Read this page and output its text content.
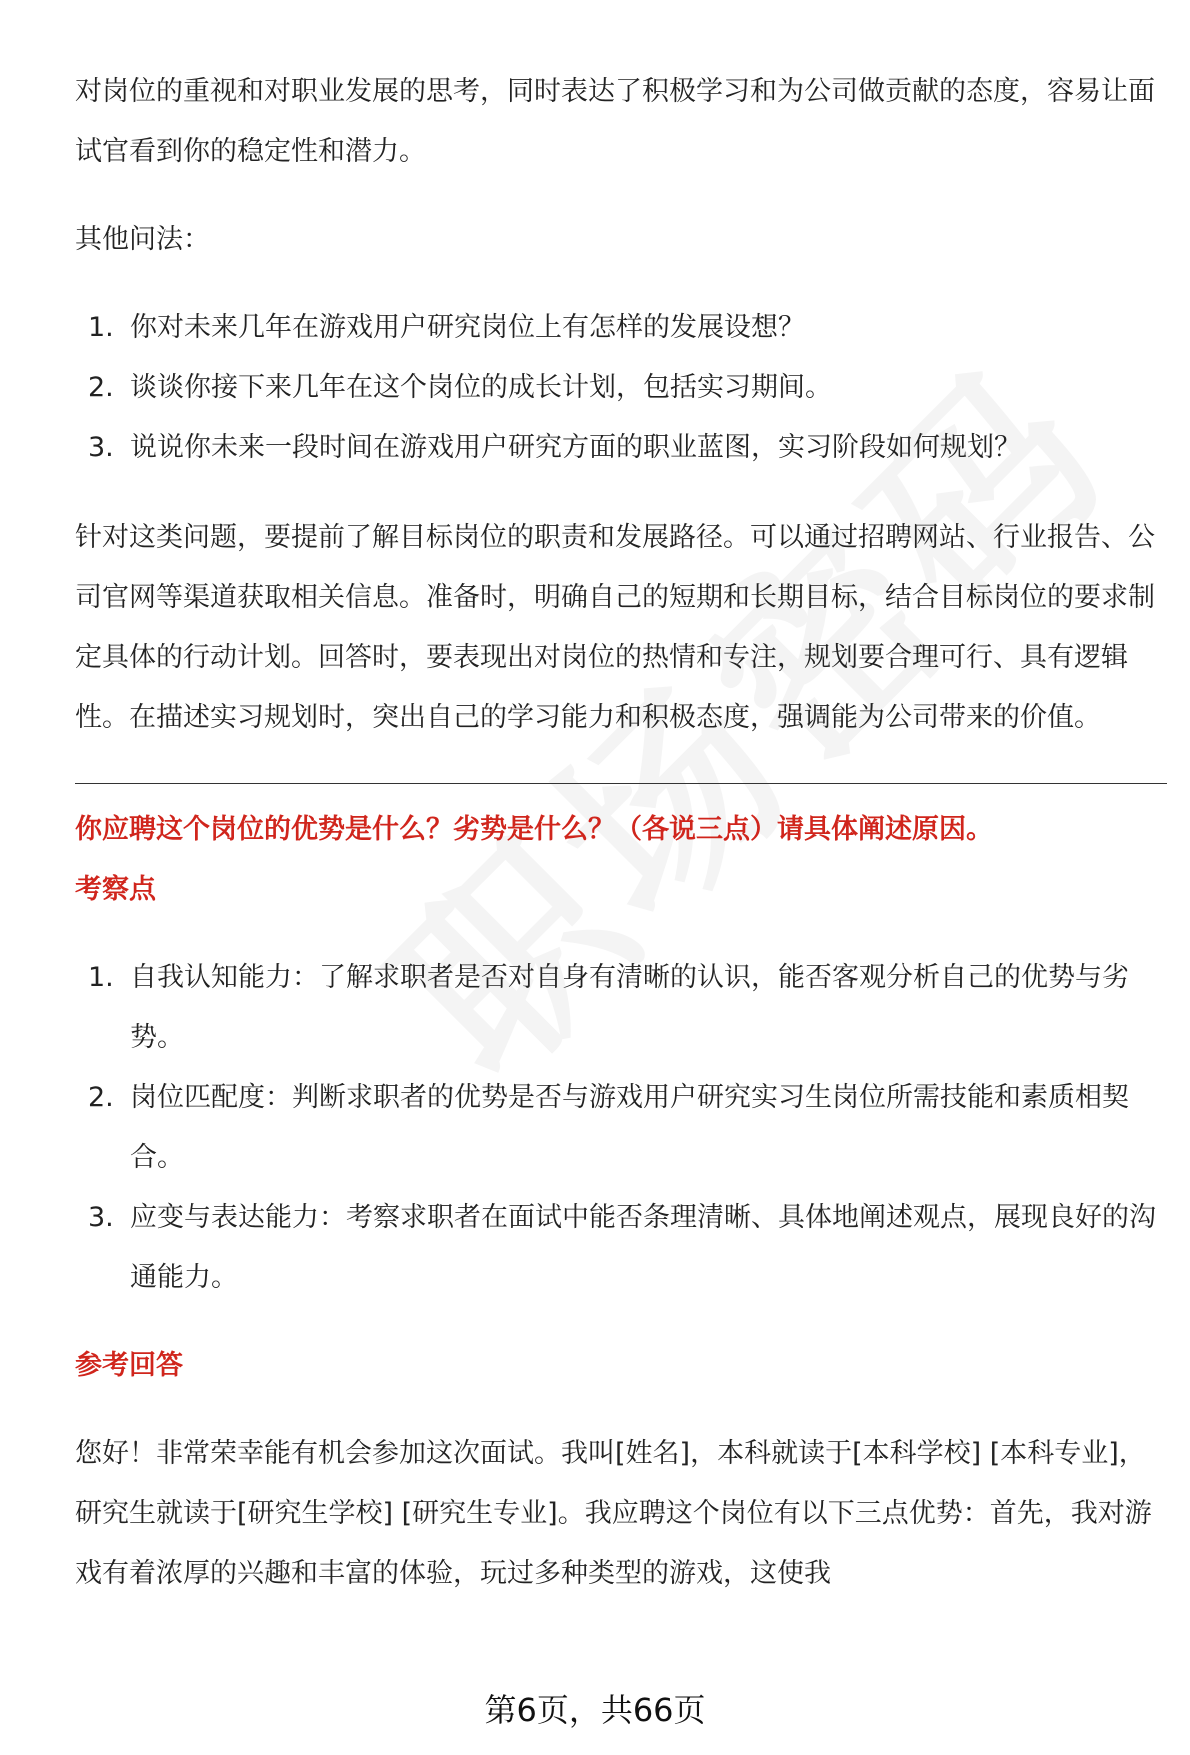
对岗位的重视和对职业发展的思考，同时表达了积极学习和为公司做贡献的态度，容易让面试官看到你的稳定性和潜力。

其他问法：

1. 你对未来几年在游戏用户研究岗位上有怎样的发展设想？
2. 谈谈你接下来几年在这个岗位的成长计划，包括实习期间。
3. 说说你未来一段时间在游戏用户研究方面的职业蓝图，实习阶段如何规划？

针对这类问题，要提前了解目标岗位的职责和发展路径。可以通过招聘网站、行业报告、公司官网等渠道获取相关信息。准备时，明确自己的短期和长期目标，结合目标岗位的要求制定具体的行动计划。回答时，要表现出对岗位的热情和专注，规划要合理可行、具有逻辑性。在描述实习规划时，突出自己的学习能力和积极态度，强调能为公司带来的价值。

你应聘这个岗位的优势是什么？劣势是什么？（各说三点）请具体阐述原因。
考察点
1. 自我认知能力：了解求职者是否对自身有清晰的认识，能否客观分析自己的优势与劣势。
2. 岗位匹配度：判断求职者的优势是否与游戏用户研究实习生岗位所需技能和素质相契合。
3. 应变与表达能力：考察求职者在面试中能否条理清晰、具体地阐述观点，展现良好的沟通能力。
参考回答

您好！非常荣幸能有机会参加这次面试。我叫[姓名]，本科就读于[本科学校] [本科专业]，研究生就读于[研究生学校] [研究生专业]。我应聘这个岗位有以下三点优势：首先，我对游戏有着浓厚的兴趣和丰富的体验，玩过多种类型的游戏，这使我

第6页，共66页
